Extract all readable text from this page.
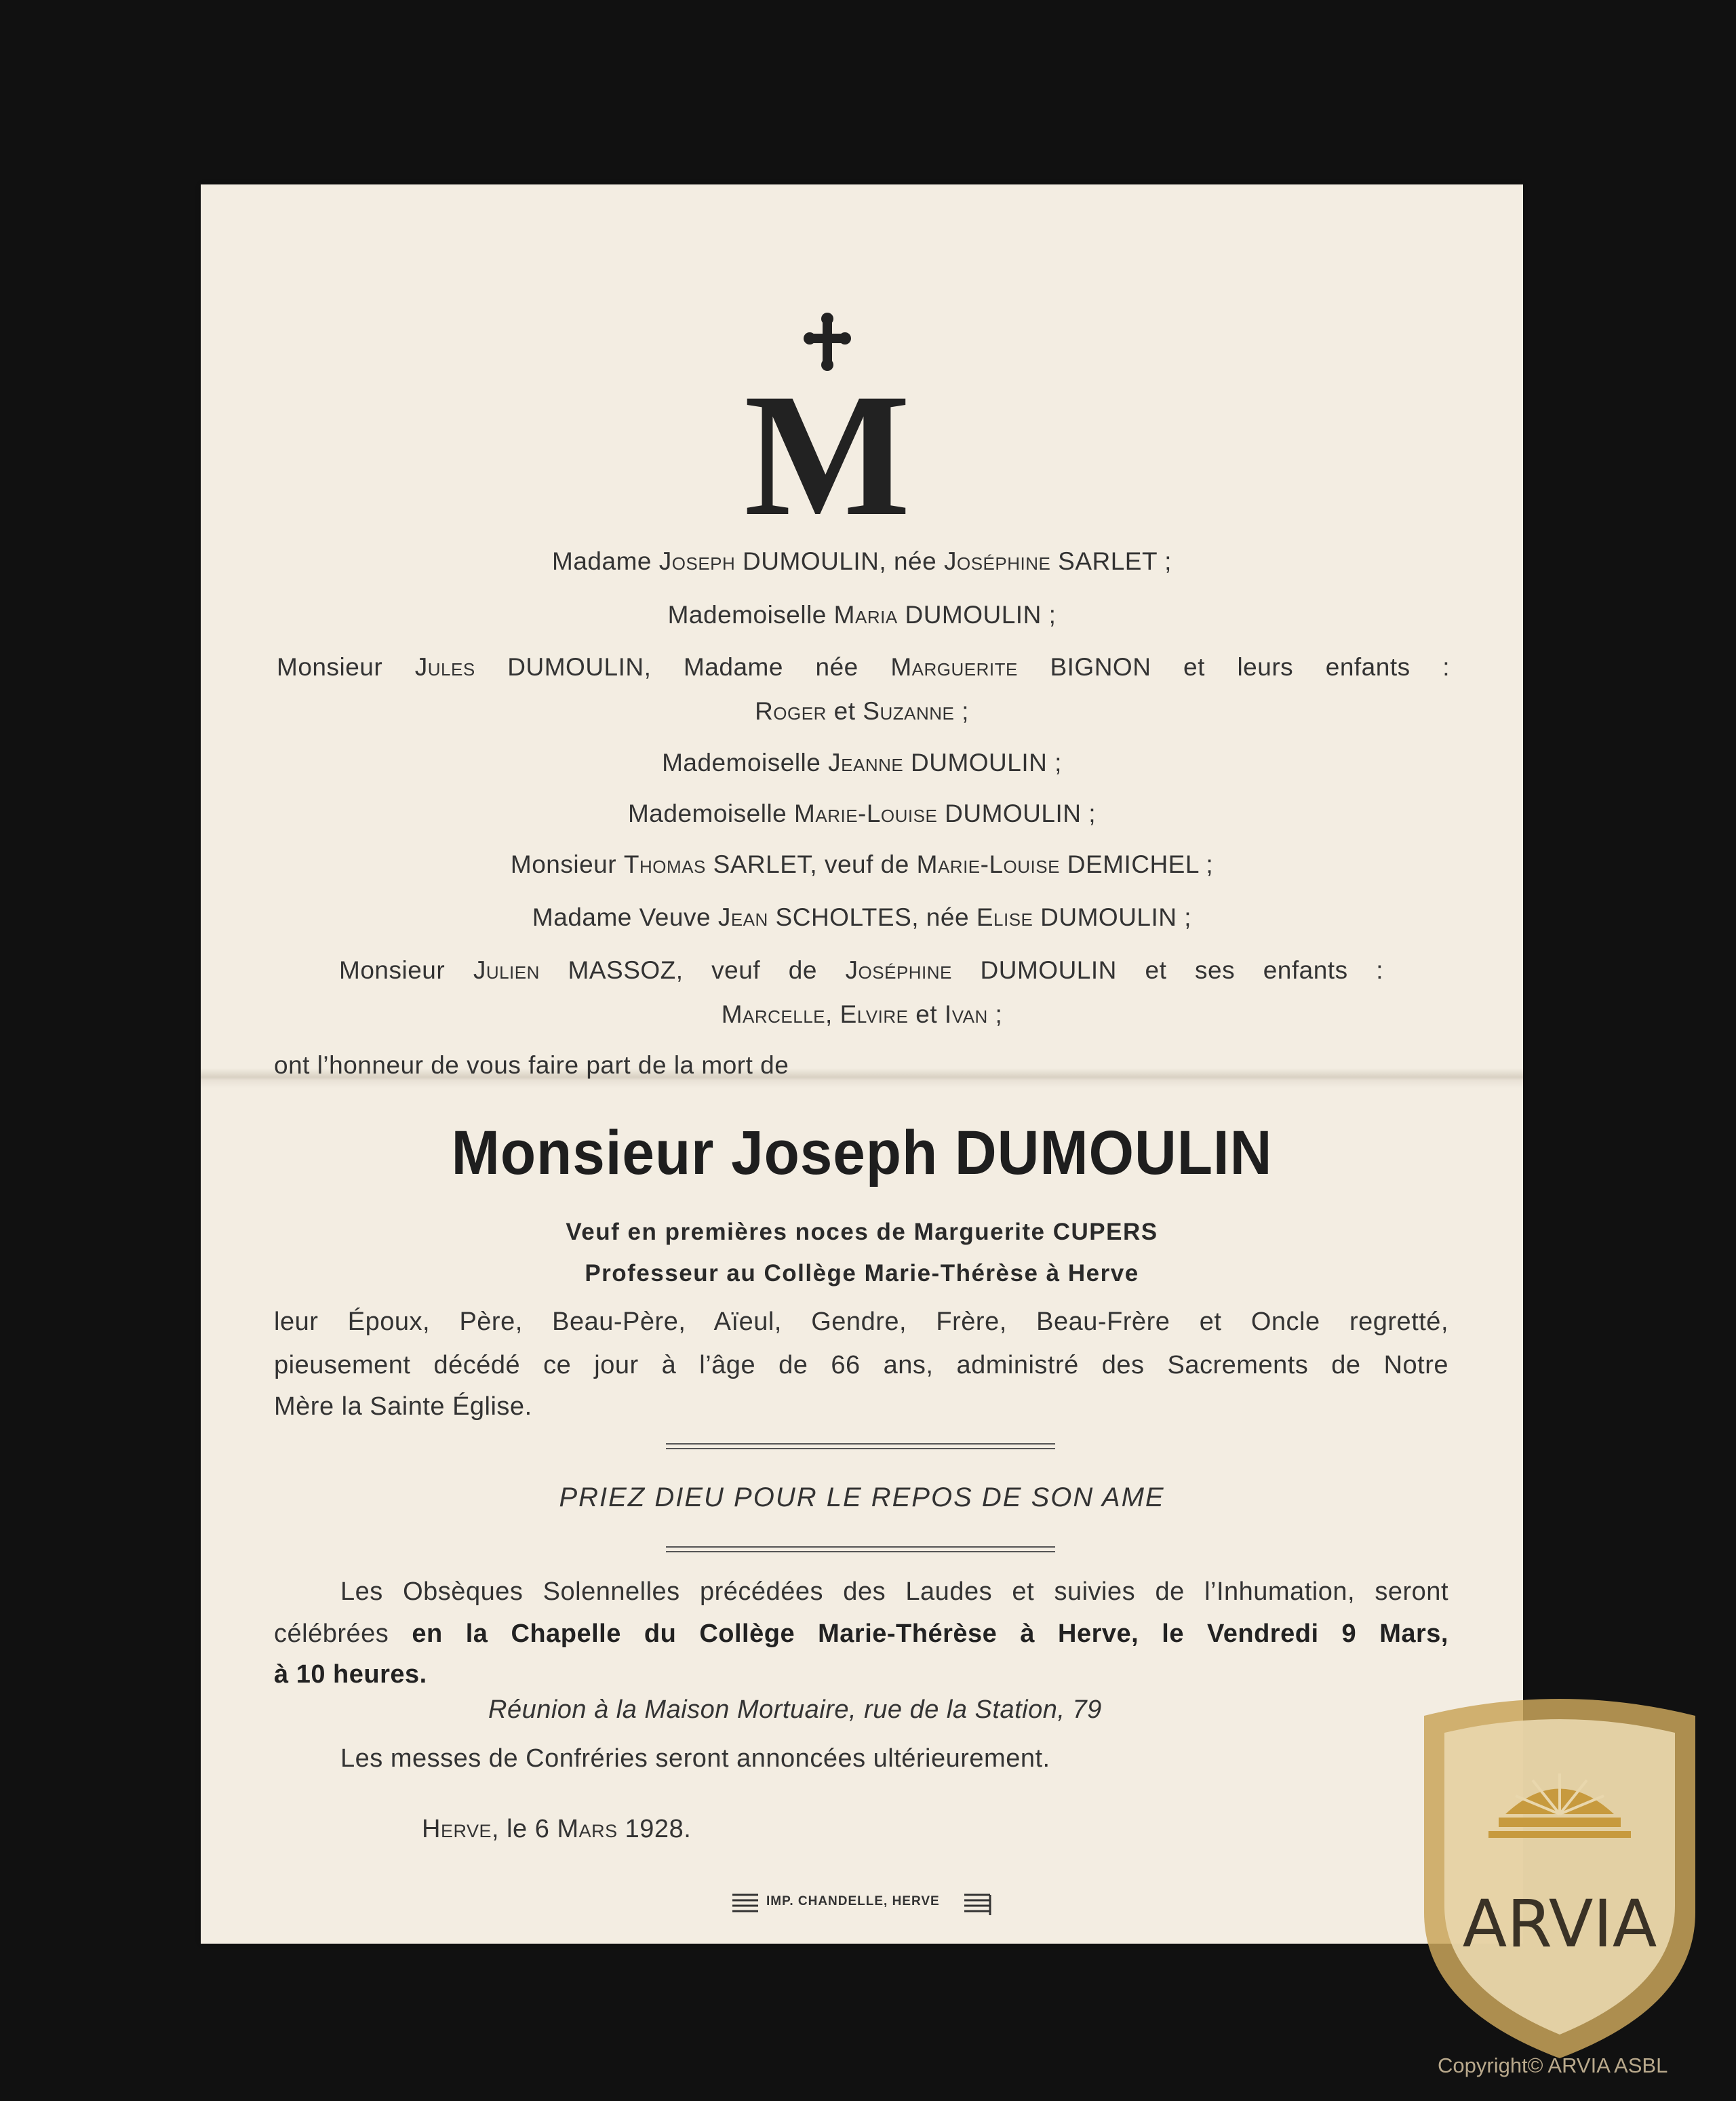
M
Madame Joseph DUMOULIN, née Joséphine SARLET ;
Mademoiselle Maria DUMOULIN ;
Monsieur Jules DUMOULIN, Madame née Marguerite BIGNON et leurs enfants :
Roger et Suzanne ;
Mademoiselle Jeanne DUMOULIN ;
Mademoiselle Marie-Louise DUMOULIN ;
Monsieur Thomas SARLET, veuf de Marie-Louise DEMICHEL ;
Madame Veuve Jean SCHOLTES, née Elise DUMOULIN ;
Monsieur Julien MASSOZ, veuf de Joséphine DUMOULIN et ses enfants :
Marcelle, Elvire et Ivan ;
ont l’honneur de vous faire part de la mort de
Monsieur Joseph DUMOULIN
Veuf en premières noces de Marguerite CUPERS
Professeur au Collège Marie-Thérèse à Herve
leur Époux, Père, Beau-Père, Aïeul, Gendre, Frère, Beau-Frère et Oncle regretté,
pieusement décédé ce jour à l’âge de 66 ans, administré des Sacrements de Notre
Mère la Sainte Église.
PRIEZ DIEU POUR LE REPOS DE SON AME
Les Obsèques Solennelles précédées des Laudes et suivies de l’Inhumation, seront
célébrées en la Chapelle du Collège Marie-Thérèse à Herve, le Vendredi 9 Mars,
à 10 heures.
Réunion à la Maison Mortuaire, rue de la Station, 79
Les messes de Confréries seront annoncées ultérieurement.
Herve, le 6 Mars 1928.
IMP. CHANDELLE, HERVE	ARVIA
Copyright© ARVIA ASBL
